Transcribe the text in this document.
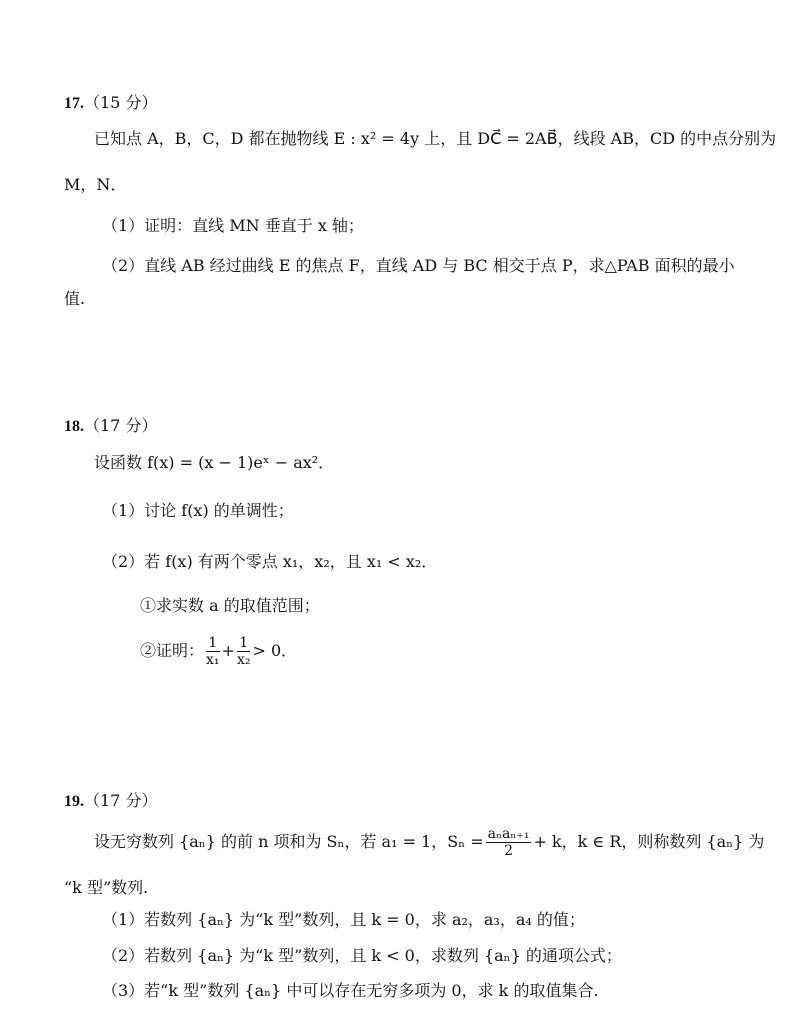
17.（15 分）
已知点 A，B，C，D 都在抛物线 E : x² = 4y 上，且 DC⃗ = 2AB⃗，线段 AB，CD 的中点分别为
M，N．
（1）证明：直线 MN 垂直于 x 轴；
（2）直线 AB 经过曲线 E 的焦点 F，直线 AD 与 BC 相交于点 P，求△PAB 面积的最小
值.
18.（17 分）
设函数 f(x) = (x − 1)eˣ − ax²．
（1）讨论 f(x) 的单调性；
（2）若 f(x) 有两个零点 x₁，x₂，且 x₁ < x₂．
①求实数 a 的取值范围；
②证明： $\frac{1}{\text{x₁}} + \frac{1}{\text{x₂}} > 0$．
19.（17 分）
设无穷数列 {aₙ} 的前 n 项和为 Sₙ，若 a₁ = 1，$S_n = \frac{\text{aₙaₙ₊₁}}{2} + k$，k ∈ R，则称数列 {aₙ} 为
“k 型”数列.
（1）若数列 {aₙ} 为“k 型”数列，且 k = 0，求 a₂，a₃，a₄ 的值；
（2）若数列 {aₙ} 为“k 型”数列，且 k < 0，求数列 {aₙ} 的通项公式；
（3）若“k 型”数列 {aₙ} 中可以存在无穷多项为 0，求 k 的取值集合.
